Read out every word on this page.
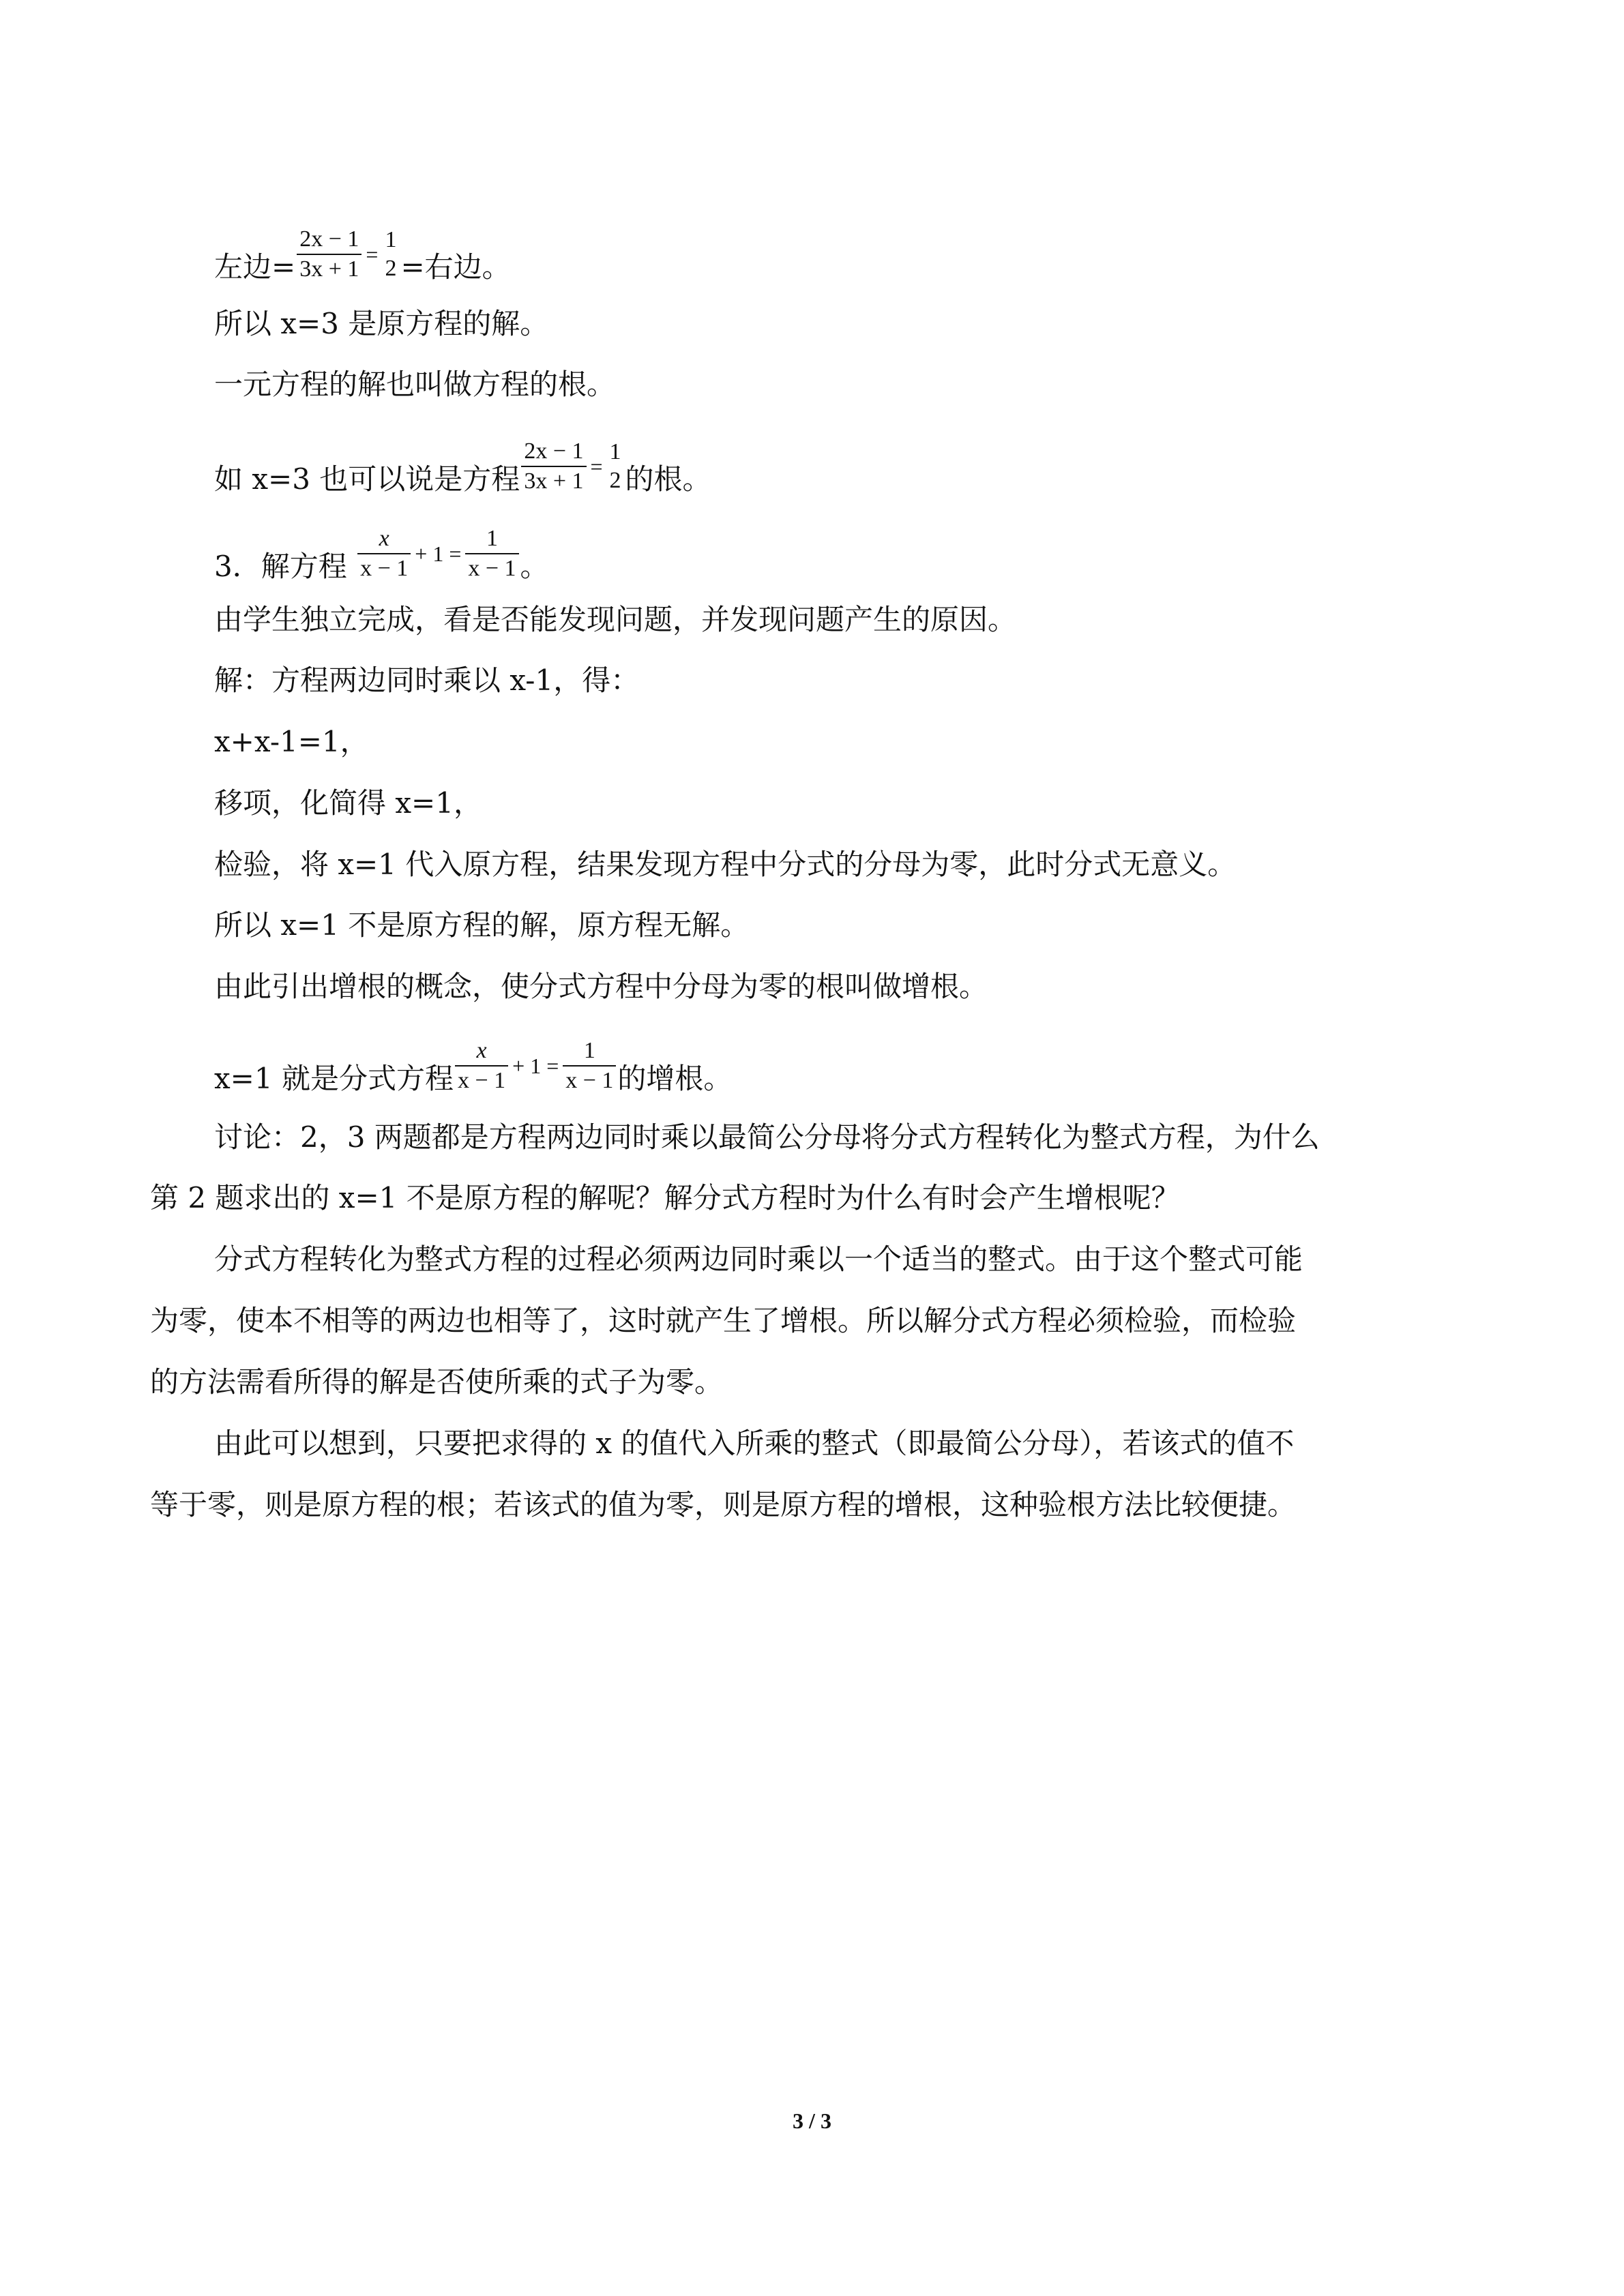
左边= $\frac{2x - 1}{3x + 1}$ =
1
2 =右边。
所以 x=3 是原方程的解。
一元方程的解也叫做方程的根。
如 x=3 也可以说是方程 $\frac{2x - 1}{3x + 1}$ =
1
2 的根。
3．解方程 $\frac{x}{x - 1} + 1 = \frac{1}{x - 1}$ 。
由学生独立完成，看是否能发现问题，并发现问题产生的原因。
解：方程两边同时乘以 x-1，得：
x+x-1=1，
移项，化简得 x=1，
检验，将 x=1 代入原方程，结果发现方程中分式的分母为零，此时分式无意义。
所以 x=1 不是原方程的解，原方程无解。
由此引出增根的概念，使分式方程中分母为零的根叫做增根。
x=1 就是分式方程 $\frac{x}{x - 1} + 1 = \frac{1}{x - 1}$ 的增根。
讨论：2，3 两题都是方程两边同时乘以最简公分母将分式方程转化为整式方程，为什么
第 2 题求出的 x=1 不是原方程的解呢？解分式方程时为什么有时会产生增根呢？
分式方程转化为整式方程的过程必须两边同时乘以一个适当的整式。由于这个整式可能
为零，使本不相等的两边也相等了，这时就产生了增根。所以解分式方程必须检验，而检验
的方法需看所得的解是否使所乘的式子为零。
由此可以想到，只要把求得的 x 的值代入所乘的整式（即最简公分母），若该式的值不
等于零，则是原方程的根；若该式的值为零，则是原方程的增根，这种验根方法比较便捷。
3 / 3
